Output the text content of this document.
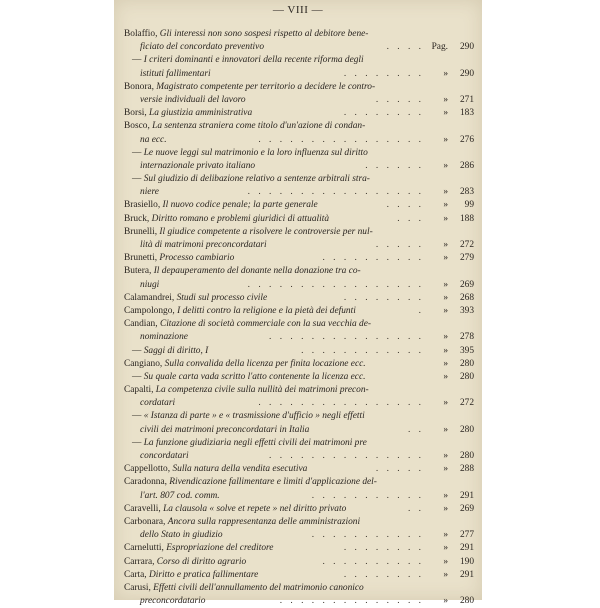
— VIII —
Bolaffio, Gli interessi non sono sospesi rispetto al debitore bene-
ficiato del concordato preventivo	. . . . Pag.	290
— I criteri dominanti e innovatori della recente riforma degli
istituti fallimentari	. . . . . . . . »	290
Bonora, Magistrato competente per territorio a decidere le contro-
versie individuali del lavoro	. . . . . »	271
Borsi, La giustizia amministrativa	. . . . . . . . »	183
Bosco, La sentenza straniera come titolo d'un'azione di condan-
na ecc.	. . . . . . . . . . . . . . . . »	276
— Le nuove leggi sul matrimonio e la loro influenza sul diritto
internazionale privato italiano	. . . . . . »	286
— Sul giudizio di delibazione relativo a sentenze arbitrali stra-
niere	. . . . . . . . . . . . . . . . . »	283
Brasiello, Il nuovo codice penale; la parte generale	. . . . »	99
Bruck, Diritto romano e problemi giuridici di attualità	. . . »	188
Brunelli, Il giudice competente a risolvere le controversie per nul-
lità di matrimoni preconcordatari	. . . . . »	272
Brunetti, Processo cambiario	. . . . . . . . . . »	279
Butera, Il depauperamento del donante nella donazione tra co-
niugi	. . . . . . . . . . . . . . . . . »	269
Calamandrei, Studi sul processo civile	. . . . . . . . »	268
Campolongo, I delitti contro la religione e la pietà dei defunti	. »	393
Candian, Citazione di società commerciale con la sua vecchia de-
nominazione	. . . . . . . . . . . . . . . »	278
— Saggi di diritto, I	. . . . . . . . . . . . »	395
Cangiano, Sulla convalida della licenza per finita locazione ecc.	»	280
— Su quale carta vada scritto l'atto contenente la licenza ecc.	»	280
Capalti, La competenza civile sulla nullità dei matrimoni precon-
cordatari	. . . . . . . . . . . . . . . . »	272
— « Istanza di parte » e « trasmissione d'ufficio » negli effetti
civili dei matrimoni preconcordatari in Italia	. . »	280
— La funzione giudiziaria negli effetti civili dei matrimoni pre
concordatari	. . . . . . . . . . . . . . . »	280
Cappellotto, Sulla natura della vendita esecutiva	. . . . . »	288
Caradonna, Rivendicazione fallimentare e limiti d'applicazione del-
l'art. 807 cod. comm.	. . . . . . . . . . . »	291
Caravelli, La clausola « solve et repete » nel diritto privato	. . »	269
Carbonara, Ancora sulla rappresentanza delle amministrazioni
dello Stato in giudizio	. . . . . . . . . . . »	277
Carnelutti, Espropriazione del creditore	. . . . . . . . »	291
Carrara, Corso di diritto agrario	. . . . . . . . . . »	190
Carta, Diritto e pratica fallimentare	. . . . . . . . »	291
Carusi, Effetti civili dell'annullamento del matrimonio canonico
preconcordatario	. . . . . . . . . . . . . . »	280
